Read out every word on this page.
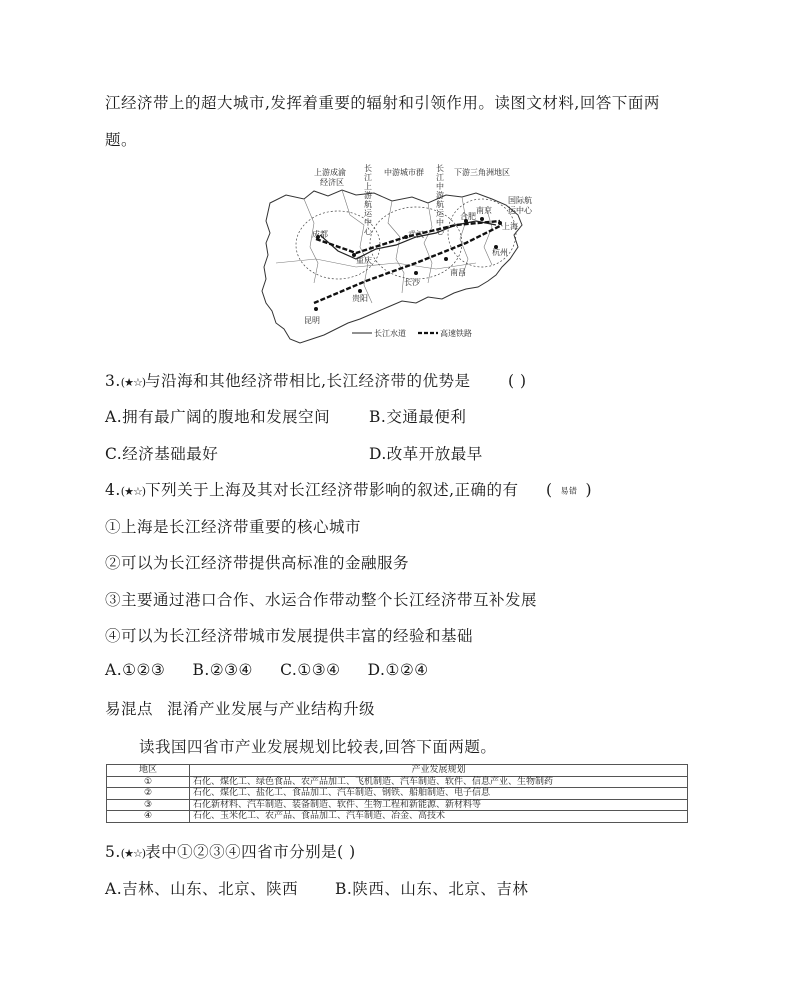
江经济带上的超大城市,发挥着重要的辐射和引领作用。读图文材料,回答下面两
题。
上游成渝
经济区
长
江
上
游
航
运
中
心
中游城市群 长
江
中
游
航
运
中
心
下游三角洲地区
国际航
运中心
成都
重庆
武汉
合肥
南京
上海
杭州
南昌
长沙
贵阳
昆明
长江水道	高速铁路
3.(★☆)与沿海和其他经济带相比,长江经济带的优势是 ( )
A.拥有最广阔的腹地和发展空间	B.交通最便利
C.经济基础最好	D.改革开放最早
4.(★☆)下列关于上海及其对长江经济带影响的叙述,正确的有 ( 易错 )
①上海是长江经济带重要的核心城市
②可以为长江经济带提供高标准的金融服务
③主要通过港口合作、水运合作带动整个长江经济带互补发展
④可以为长江经济带城市发展提供丰富的经验和基础
A.①②③     B.②③④     C.①③④     D.①②④
易混点 混淆产业发展与产业结构升级
读我国四省市产业发展规划比较表,回答下面两题。
地区	产业发展规划
①	石化、煤化工、绿色食品、农产品加工、飞机制造、汽车制造、软件、信息产业、生物制药
②	石化、煤化工、盐化工、食品加工、汽车制造、钢铁、船舶制造、电子信息
③	石化新材料、汽车制造、装备制造、软件、生物工程和新能源、新材料等
④	石化、玉米化工、农产品、食品加工、汽车制造、冶金、高技术
5.(★☆)表中①②③④四省市分别是( )
A.吉林、山东、北京、陕西 B.陕西、山东、北京、吉林
